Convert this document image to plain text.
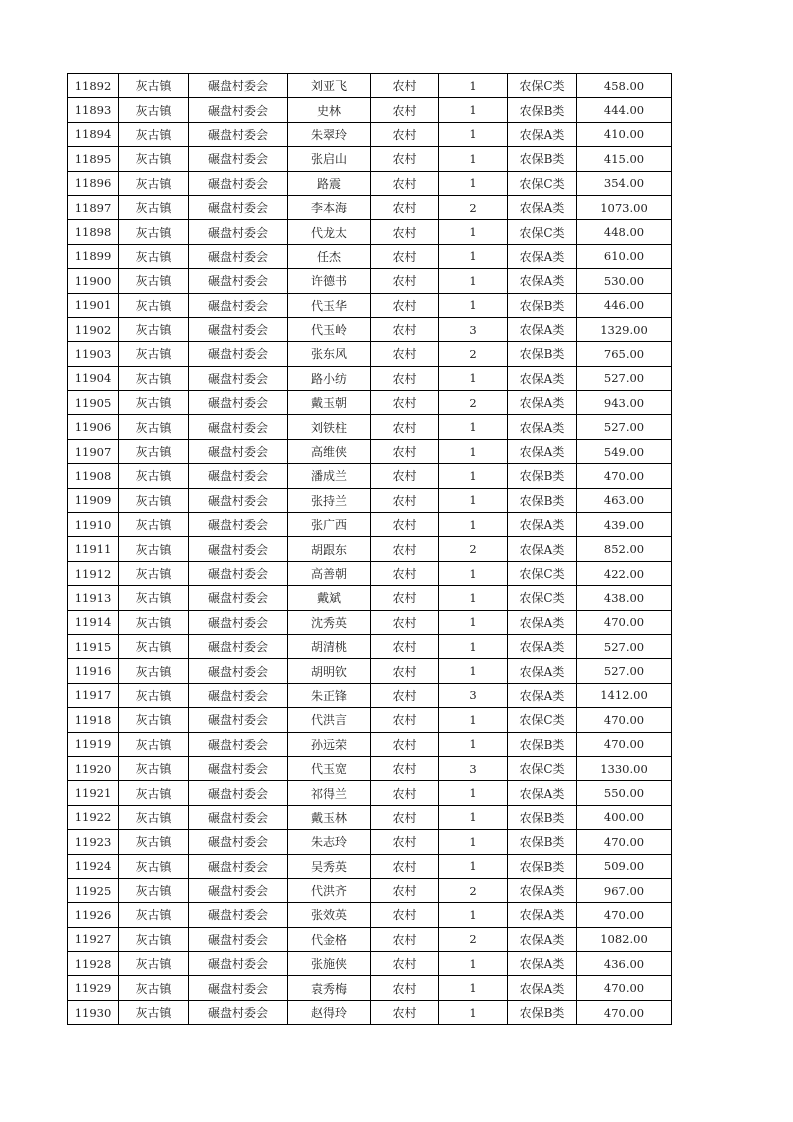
11892	灰古镇	碾盘村委会	刘亚飞	农村	1	农保C类	458.00
11893	灰古镇	碾盘村委会	史林	农村	1	农保B类	444.00
11894	灰古镇	碾盘村委会	朱翠玲	农村	1	农保A类	410.00
11895	灰古镇	碾盘村委会	张启山	农村	1	农保B类	415.00
11896	灰古镇	碾盘村委会	路震	农村	1	农保C类	354.00
11897	灰古镇	碾盘村委会	李本海	农村	2	农保A类	1073.00
11898	灰古镇	碾盘村委会	代龙太	农村	1	农保C类	448.00
11899	灰古镇	碾盘村委会	任杰	农村	1	农保A类	610.00
11900	灰古镇	碾盘村委会	许德书	农村	1	农保A类	530.00
11901	灰古镇	碾盘村委会	代玉华	农村	1	农保B类	446.00
11902	灰古镇	碾盘村委会	代玉岭	农村	3	农保A类	1329.00
11903	灰古镇	碾盘村委会	张东风	农村	2	农保B类	765.00
11904	灰古镇	碾盘村委会	路小纺	农村	1	农保A类	527.00
11905	灰古镇	碾盘村委会	戴玉朝	农村	2	农保A类	943.00
11906	灰古镇	碾盘村委会	刘铁柱	农村	1	农保A类	527.00
11907	灰古镇	碾盘村委会	高维侠	农村	1	农保A类	549.00
11908	灰古镇	碾盘村委会	潘成兰	农村	1	农保B类	470.00
11909	灰古镇	碾盘村委会	张持兰	农村	1	农保B类	463.00
11910	灰古镇	碾盘村委会	张广西	农村	1	农保A类	439.00
11911	灰古镇	碾盘村委会	胡跟东	农村	2	农保A类	852.00
11912	灰古镇	碾盘村委会	高善朝	农村	1	农保C类	422.00
11913	灰古镇	碾盘村委会	戴斌	农村	1	农保C类	438.00
11914	灰古镇	碾盘村委会	沈秀英	农村	1	农保A类	470.00
11915	灰古镇	碾盘村委会	胡清桃	农村	1	农保A类	527.00
11916	灰古镇	碾盘村委会	胡明钦	农村	1	农保A类	527.00
11917	灰古镇	碾盘村委会	朱正锋	农村	3	农保A类	1412.00
11918	灰古镇	碾盘村委会	代洪言	农村	1	农保C类	470.00
11919	灰古镇	碾盘村委会	孙远荣	农村	1	农保B类	470.00
11920	灰古镇	碾盘村委会	代玉宽	农村	3	农保C类	1330.00
11921	灰古镇	碾盘村委会	祁得兰	农村	1	农保A类	550.00
11922	灰古镇	碾盘村委会	戴玉林	农村	1	农保B类	400.00
11923	灰古镇	碾盘村委会	朱志玲	农村	1	农保B类	470.00
11924	灰古镇	碾盘村委会	吴秀英	农村	1	农保B类	509.00
11925	灰古镇	碾盘村委会	代洪齐	农村	2	农保A类	967.00
11926	灰古镇	碾盘村委会	张效英	农村	1	农保A类	470.00
11927	灰古镇	碾盘村委会	代金格	农村	2	农保A类	1082.00
11928	灰古镇	碾盘村委会	张施侠	农村	1	农保A类	436.00
11929	灰古镇	碾盘村委会	袁秀梅	农村	1	农保A类	470.00
11930	灰古镇	碾盘村委会	赵得玲	农村	1	农保B类	470.00
